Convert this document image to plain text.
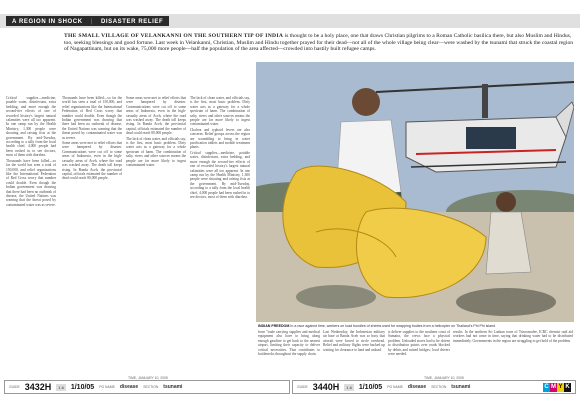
A REGION IN SHOCK | DISASTER RELIEF
THE SMALL VILLAGE OF VELANKANNI ON THE SOUTHERN TIP OF INDIA is thought to be a holy place, one that draws Christian pilgrims to a Roman Catholic basilica there, but also Muslim and Hindus, too, seeking blessings and good fortune. Last week in Velankanni, Christian, Muslim and Hindu together prayed for their dead—not all of the whole village being clear—were washed by the tsunami that struck the coastal region of Nagapattinam, but on its wake, 75,000 more people—half the population of the area affected—crowded into hastily built refugee camps.

Critical supplies—medicine, potable water, disinfectant, extra bedding, and more enough the second-tier effects of one of recorded history's largest natural calamities were all too apparent. In one camp run by the Health Ministry, 1,300 people were shouting and raising fists at the government. By mid-Tuesday, according to a tally from the local health chief, 4,000 people had been rushed in to see doctors, most of them with diarrhea.

Thousands have been killed—so far the world has seen a total of 150,000, and relief organizations like the International Federation of Red Cross worry that number could double. Even though the Indian government was drawing that there had been no outbreak of disease, the United Nations was warning that the threat posed by contaminated water was as severe.

Thousands have been killed—so far the world has seen a total of 150,000, and relief organizations like the International Federation of Red Cross worry that number could double. Even though the Indian government was drawing that there had been no outbreak of disease, the United Nations was warning that the threat posed by contaminated water was as severe.

Some areas were met to relief efforts that were hampered by disaster. Communications were cut off to some areas of Indonesia, even in the high-casualty areas of Aceh, where the road was washed away. The death toll keeps rising. In Banda Aceh, the provincial capital, officials estimated the number of dead could reach 80,000 people.

Some areas were met to relief efforts that were hampered by disaster. Communications were cut off to some areas of Indonesia, even in the high-casualty areas of Aceh, where the road was washed away. The death toll keeps rising. In Banda Aceh, the provincial capital, officials estimated the number of dead could reach 80,000 people.

The lack of clean water, and officials say, is the first, most basic problem. Dirty water acts as a gateway for a whole spectrum of harm. The combination of salty, rivers and other sources means the people are far more likely to ingest contaminated water.

The lack of clean water, and officials say, is the first, most basic problem. Dirty water acts as a gateway for a whole spectrum of harm. The combination of salty, rivers and other sources means the people are far more likely to ingest contaminated water.

Cholera and typhoid fevers are also concerns. Relief groups across the region are scrambling to bring in water purification tablets and mobile treatment plants.

Critical supplies—medicine, potable water, disinfectant, extra bedding, and more enough the second-tier effects of one of recorded history's largest natural calamities were all too apparent. In one camp run by the Health Ministry, 1,300 people were shouting and raising fists at the government. By mid-Tuesday, according to a tally from the local health chief, 4,000 people had been rushed in to see doctors, most of them with diarrhea.

INDIAN FREEDOM In a race against time, workers on load bundles of sheets used for wrapping bodies from a helicopter on Thailand's Phi Phi island
from "trade carrying supplies and medical equipment also have to bring along enough gasoline to get back to the nearest airport, limiting their capacity to deliver critical necessities. That contributes to bottlenecks throughout the supply chain.
Last Wednesday, the Indonesian military air base at Banda Aceh was so busy that aircraft were forced to circle overhead. Relief and military flights were backed up waiting for clearance to land and unload.
is deliver supplies to the southern coast of Sumatra, the crews face a physical problem. Unloaded stores had to be driven to distribution points over roads blocked by debris and ruined bridges; local drivers were needed.
results. In the northern Sri Lankan town of Trincomalee, ICRC chemist said aid workers had not come in time, saying that drinking water had to be distributed immediately. Governments in the region are struggling to get hold of the problem.
TIME, JANUARY 10, 2005	TIME, JANUARY 10, 2005
GUIDE 3432H	1.6 1/10/05 PG NAME disease SECTION tsunami	GUIDE 3440H	1.6 1/10/05 PG NAME disease SECTION tsunami	C M Y K
